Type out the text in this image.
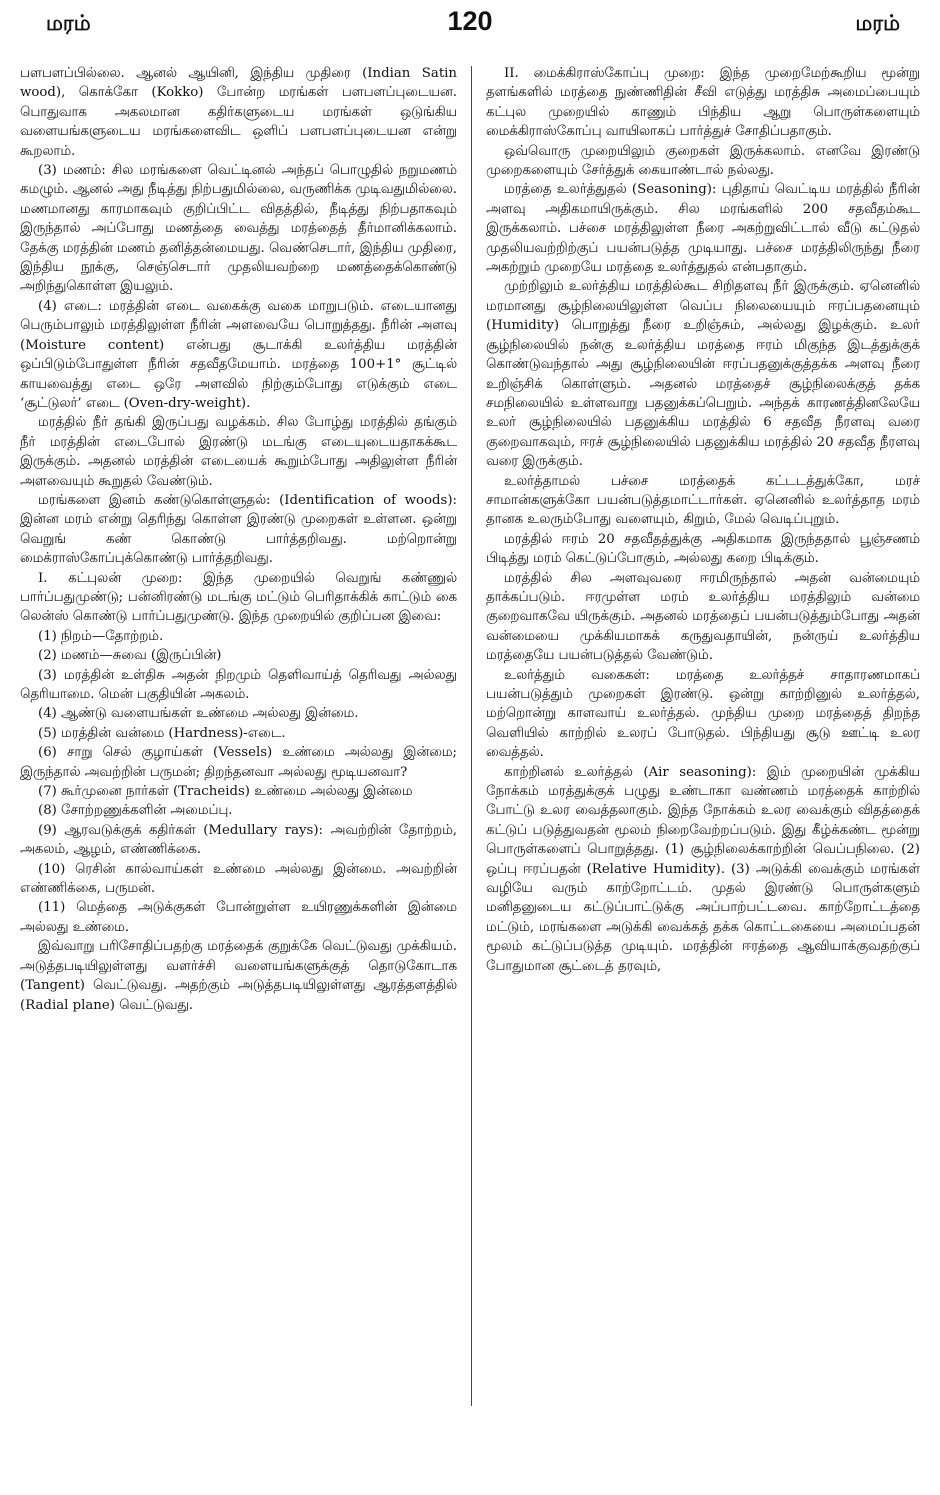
மரம்	120	மரம்

பளபளப்பில்லை. ஆனல் ஆயினி, இந்திய முதிரை (Indian Satin wood), கொக்கோ (Kokko) போன்ற மரங்கள் பளபளப்புடையன. பொதுவாக அகலமான கதிர்களுடைய மரங்கள் ஒடுங்கிய வளையங்களுடைய மரங்களைவிட ஒளிப் பளபளப்புடையன என்று கூறலாம்.

(3) மணம்: சில மரங்களை வெட்டினல் அந்தப் பொழுதில் நறுமணம் கமழும். ஆனல் அது நீடித்து நிற்பதுமில்லை, வருணிக்க முடிவதுமில்லை. மணமானது காரமாகவும் குறிப்பிட்ட விதத்தில், நீடித்து நிற்பதாகவும் இருந்தால் அப்போது மணத்தை வைத்து மரத்தைத் தீர்மானிக்கலாம். தேக்கு மரத்தின் மணம் தனித்தன்மையது. வெண்செடார், இந்திய முதிரை, இந்திய நூக்கு, செஞ்செடார் முதலியவற்றை மணத்தைக்கொண்டு அறிந்துகொள்ள இயலும்.

(4) எடை: மரத்தின் எடை வகைக்கு வகை மாறுபடும். எடையானது பெரும்பாலும் மரத்திலுள்ள நீரின் அளவையே பொறுத்தது. நீரின் அளவு (Moisture content) என்பது சூடாக்கி உலர்த்திய மரத்தின் ஒப்பிடும்போதுள்ள நீரின் சதவீதமேயாம். மரத்தை 100+1° சூட்டில் காயவைத்து எடை ஒரே அளவில் நிற்கும்போது எடுக்கும் எடை ‘சூட்டுலர்’ எடை (Oven-dry-weight).

மரத்தில் நீர் தங்கி இருப்பது வழக்கம். சில போழ்து மரத்தில் தங்கும் நீர் மரத்தின் எடைபோல் இரண்டு மடங்கு எடையுடையதாகக்கூட இருக்கும். அதனல் மரத்தின் எடையைக் கூறும்போது அதிலுள்ள நீரின் அளவையும் கூறுதல் வேண்டும்.

மரங்களை இனம் கண்டுகொள்ளுதல்: (Identification of woods): இன்ன மரம் என்று தெரிந்து கொள்ள இரண்டு முறைகள் உள்ளன. ஒன்று வெறுங் கண் கொண்டு பார்த்தறிவது. மற்றொன்று மைக்ராஸ்கோப்புக்கொண்டு பார்த்தறிவது.

I. கட்புலன் முறை: இந்த முறையில் வெறுங் கண்ணுல் பார்ப்பதுமுண்டு; பன்னிரண்டு மடங்கு மட்டும் பெரிதாக்கிக் காட்டும் கை லென்ஸ் கொண்டு பார்ப்பதுமுண்டு. இந்த முறையில் குறிப்பன இவை:

(1) நிறம்—தோற்றம்.

(2) மணம்—சுவை (இருப்பின்)

(3) மரத்தின் உள்திசு அதன் நிறமும் தெளிவாய்த் தெரிவது அல்லது தெரியாமை. மென் பகுதியின் அகலம்.

(4) ஆண்டு வளையங்கள் உண்மை அல்லது இன்மை.

(5) மரத்தின் வன்மை (Hardness)-எடை.

(6) சாறு செல் குழாய்கள் (Vessels) உண்மை அல்லது இன்மை; இருந்தால் அவற்றின் பருமன்; திறந்தனவா அல்லது மூடியனவா?

(7) கூர்முனை நார்கள் (Tracheids) உண்மை அல்லது இன்மை

(8) சோற்றணுக்களின் அமைப்பு.

(9) ஆரவடுக்குக் கதிர்கள் (Medullary rays): அவற்றின் தோற்றம், அகலம், ஆழம், எண்ணிக்கை.

(10) ரெசின் கால்வாய்கள் உண்மை அல்லது இன்மை. அவற்றின் எண்ணிக்கை, பருமன்.

(11) மெத்தை அடுக்குகள் போன்றுள்ள உயிரணுக்களின் இன்மை அல்லது உண்மை.

இவ்வாறு பரிசோதிப்பதற்கு மரத்தைக் குறுக்கே வெட்டுவது முக்கியம். அடுத்தபடியிலுள்ளது வளர்ச்சி வளையங்களுக்குத் தொடுகோடாக (Tangent) வெட்டுவது. அதற்கும் அடுத்தபடியிலுள்ளது ஆரத்தளத்தில் (Radial plane) வெட்டுவது.

II. மைக்கிராஸ்கோப்பு முறை: இந்த முறைமேற்கூறிய மூன்று தளங்களில் மரத்தை நுண்ணிதின் சீவி எடுத்து மரத்திசு அமைப்பையும் கட்புல முறையில் காணும் பிந்திய ஆறு பொருள்களையும் மைக்கிராஸ்கோப்பு வாயிலாகப் பார்த்துச் சோதிப்பதாகும்.

ஒவ்வொரு முறையிலும் குறைகள் இருக்கலாம். எனவே இரண்டு முறைகளையும் சேர்த்துக் கையாண்டால் நல்லது.

மரத்தை உலர்த்துதல் (Seasoning): புதிதாய் வெட்டிய மரத்தில் நீரின் அளவு அதிகமாயிருக்கும். சில மரங்களில் 200 சதவீதம்கூட இருக்கலாம். பச்சை மரத்திலுள்ள நீரை அகற்றுவிட்டால் வீடு கட்டுதல் முதலியவற்றிற்குப் பயன்படுத்த முடியாது. பச்சை மரத்திலிருந்து நீரை அகற்றும் முறையே மரத்தை உலர்த்துதல் என்பதாகும்.

முற்றிலும் உலர்த்திய மரத்தில்கூட சிறிதளவு நீர் இருக்கும். ஏனெனில் மரமானது சூழ்நிலையிலுள்ள வெப்ப நிலையையும் ஈரப்பதனையும் (Humidity) பொறுத்து நீரை உறிஞ்சும், அல்லது இழக்கும். உலர் சூழ்நிலையில் நன்கு உலர்த்திய மரத்தை ஈரம் மிகுந்த இடத்துக்குக் கொண்டுவந்தால் அது சூழ்நிலையின் ஈரப்பதனுக்குத்தக்க அளவு நீரை உறிஞ்சிக் கொள்ளும். அதனல் மரத்தைச் சூழ்நிலைக்குத் தக்க சமநிலையில் உள்ளவாறு பதனுக்கப்பெறும். அந்தக் காரணத்தினலேயே உலர் சூழ்நிலையில் பதனுக்கிய மரத்தில் 6 சதவீத நீரளவு வரை குறைவாகவும், ஈரச் சூழ்நிலையில் பதனுக்கிய மரத்தில் 20 சதவீத நீரளவு வரை இருக்கும்.

உலர்த்தாமல் பச்சை மரத்தைக் கட்டடத்துக்கோ, மரச் சாமான்களுக்கோ பயன்படுத்தமாட்டார்கள். ஏனெனில் உலர்த்தாத மரம் தானக உலரும்போது வளையும், கிறும், மேல் வெடிப்புறும்.

மரத்தில் ஈரம் 20 சதவீதத்துக்கு அதிகமாக இருந்ததால் பூஞ்சணம் பிடித்து மரம் கெட்டுப்போகும், அல்லது கறை பிடிக்கும்.

மரத்தில் சில அளவுவரை ஈரமிருந்தால் அதன் வன்மையும் தாக்கப்படும். ஈரமுள்ள மரம் உலர்த்திய மரத்திலும் வன்மை குறைவாகவே யிருக்கும். அதனல் மரத்தைப் பயன்படுத்தும்போது அதன் வன்மையை முக்கியமாகக் கருதுவதாயின், நன்ருய் உலர்த்திய மரத்தையே பயன்படுத்தல் வேண்டும்.

உலர்த்தும் வகைகள்: மரத்தை உலர்த்தச் சாதாரணமாகப் பயன்படுத்தும் முறைகள் இரண்டு. ஒன்று காற்றினுல் உலர்த்தல், மற்றொன்று காளவாய் உலர்த்தல். முந்திய முறை மரத்தைத் திறந்த வெளியில் காற்றில் உலரப் போடுதல். பிந்தியது சூடு ஊட்டி உலர வைத்தல்.

காற்றினல் உலர்த்தல் (Air seasoning): இம் முறையின் முக்கிய நோக்கம் மரத்துக்குக் பழுது உண்டாகா வண்ணம் மரத்தைக் காற்றில் போட்டு உலர வைத்தலாகும். இந்த நோக்கம் உலர வைக்கும் விதத்தைக் கட்டுப் படுத்துவதன் மூலம் நிறைவேற்றப்படும். இது கீழ்க்கண்ட மூன்று பொருள்களைப் பொறுத்தது. (1) சூழ்நிலைக்காற்றின் வெப்பநிலை. (2) ஒப்பு ஈரப்பதன் (Relative Humidity). (3) அடுக்கி வைக்கும் மரங்கள் வழியே வரும் காற்றோட்டம். முதல் இரண்டு பொருள்களும் மனிதனுடைய கட்டுப்பாட்டுக்கு அப்பாற்பட்டவை. காற்றோட்டத்தை மட்டும், மரங்களை அடுக்கி வைக்கத் தக்க கொட்டகையை அமைப்பதன் மூலம் கட்டுப்படுத்த முடியும். மரத்தின் ஈரத்தை ஆவியாக்குவதற்குப் போதுமான சூட்டைத் தரவும்,
